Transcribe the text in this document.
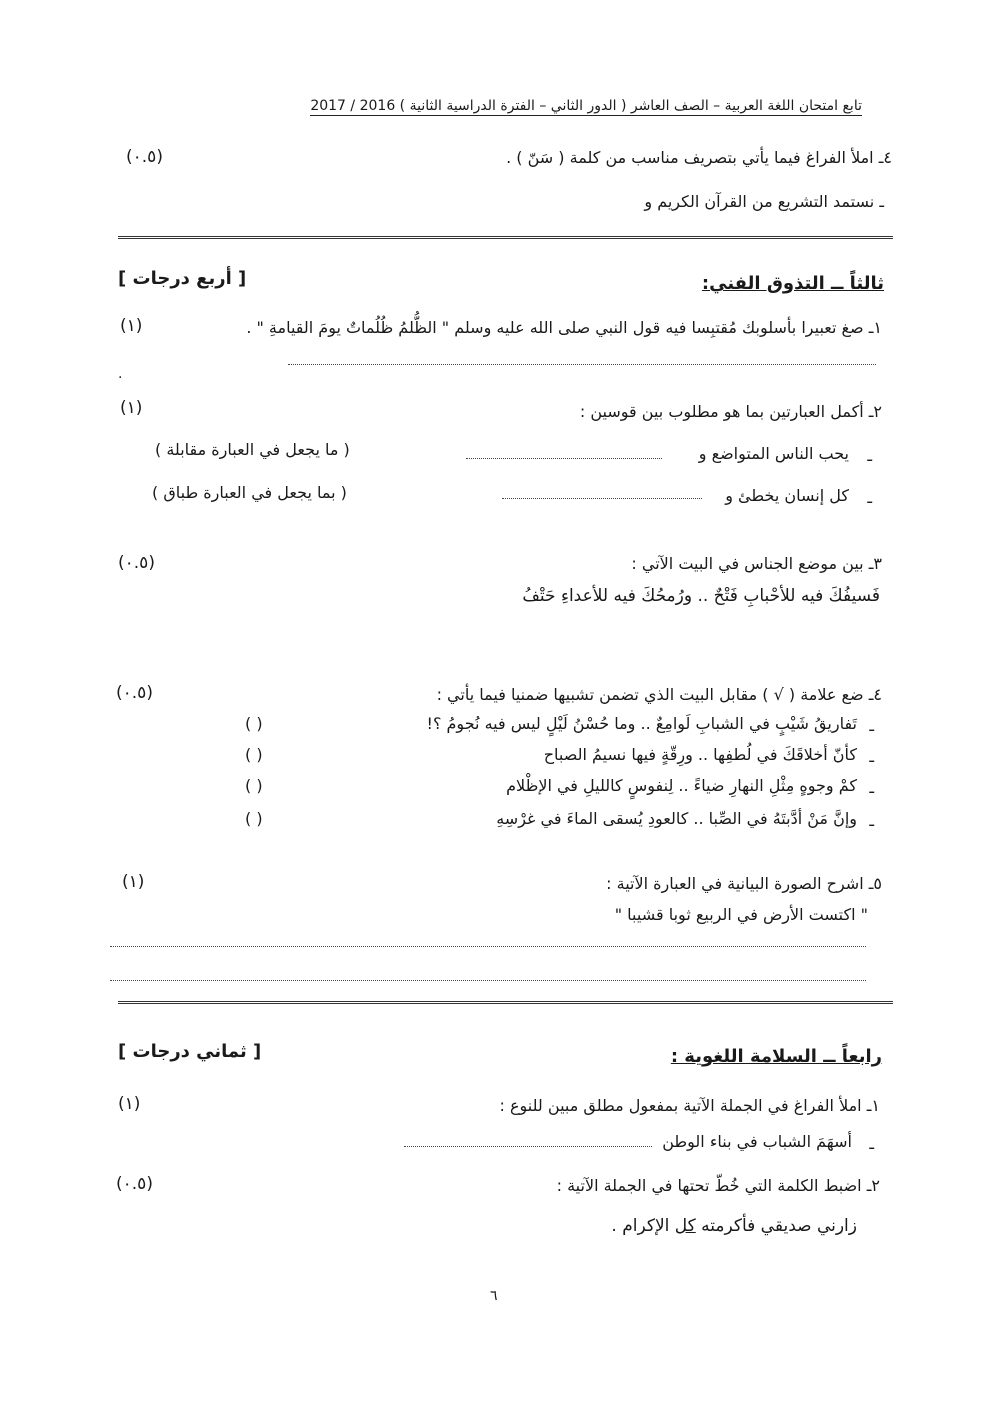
تابع امتحان اللغة العربية – الصف العاشر ( الدور الثاني – الفترة الدراسية الثانية ) 2016 / 2017
٤ـ املأ الفراغ فيما يأتي بتصريف مناسب من كلمة ( سَنّ ) .
(٠.٥)
ـ نستمد التشريع من القرآن الكريم و
ثالثاً ــ التذوق الفني:
[ أربع درجات ]
١ـ صغ تعبيرا بأسلوبك مُقتبِسا فيه قول النبي صلى الله عليه وسلم " الظُّلمُ ظُلُماتٌ يومَ القيامةِ " .
(١)
.
٢ـ أكمل العبارتين بما هو مطلوب بين قوسين :
(١)
ـ
يحب الناس المتواضع و
( ما يجعل في العبارة مقابلة )
ـ
كل إنسان يخطئ و
( بما يجعل في العبارة طباق )
٣ـ بين موضع الجناس في البيت الآتي :
(٠.٥)
فَسيفُكَ فيه للأحْبابِ فَتْحٌ .. ورُمحُكَ فيه للأعداءِ حَتْفُ
٤ـ ضع علامة ( √ ) مقابل البيت الذي تضمن تشبيها ضمنيا فيما يأتي :
(٠.٥)
ـ
تَفاريقُ شَيْبٍ في الشبابِ لَوامِعٌ .. وما حُسْنُ لَيْلٍ ليس فيه نُجومُ ؟!
( )
ـ
كأنّ أخلاقَكَ في لُطفِها .. ورِقّةٍ فيها نسيمُ الصباح
( )
ـ
كمْ وجوهٍ مِثْلِ النهارِ ضياءً .. لِنفوسٍ كالليلِ في الإظْلام
( )
ـ
وإنَّ مَنْ أدَّبتَهُ في الصِّبا .. كالعودِ يُسقى الماءَ في غرْسِهِ
( )
٥ـ اشرح الصورة البيانية في العبارة الآتية :
(١)
" اكتست الأرض في الربيع ثوبا قشيبا "
رابعاً ــ السلامة اللغوية :
[ ثماني درجات ]
١ـ املأ الفراغ في الجملة الآتية بمفعول مطلق مبين للنوع :
(١)
ـ
أسهَمَ الشباب في بناء الوطن
٢ـ اضبط الكلمة التي خُطّ تحتها في الجملة الآتية :
(٠.٥)
زارني صديقي فأكرمته كل الإكرام .
٦
